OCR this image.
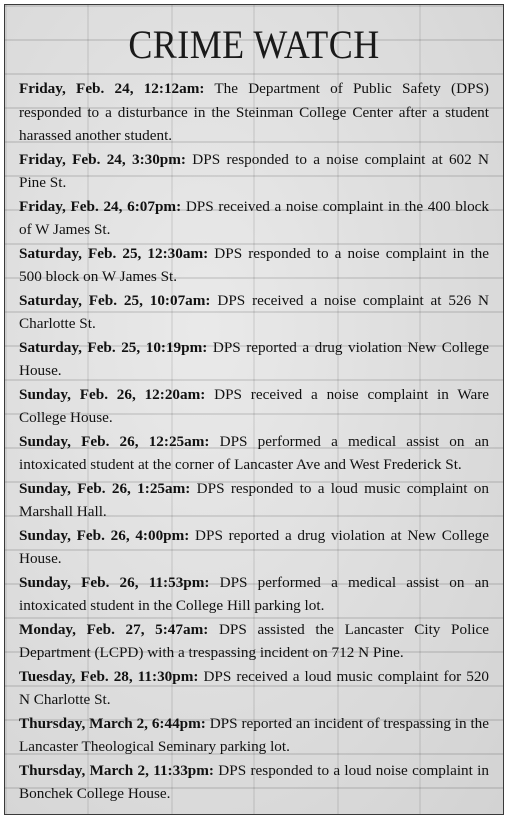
CRIME WATCH
Friday, Feb. 24, 12:12am: The Department of Public Safety (DPS) responded to a disturbance in the Steinman College Center after a student harassed another student.
Friday, Feb. 24, 3:30pm: DPS responded to a noise complaint at 602 N Pine St.
Friday, Feb. 24, 6:07pm: DPS received a noise complaint in the 400 block of W James St.
Saturday, Feb. 25, 12:30am: DPS responded to a noise complaint in the 500 block on W James St.
Saturday, Feb. 25, 10:07am: DPS received a noise complaint at 526 N Charlotte St.
Saturday, Feb. 25, 10:19pm: DPS reported a drug violation New College House.
Sunday, Feb. 26, 12:20am: DPS received a noise complaint in Ware College House.
Sunday, Feb. 26, 12:25am: DPS performed a medical assist on an intoxicated student at the corner of Lancaster Ave and West Frederick St.
Sunday, Feb. 26, 1:25am: DPS responded to a loud music complaint on Marshall Hall.
Sunday, Feb. 26, 4:00pm: DPS reported a drug violation at New College House.
Sunday, Feb. 26, 11:53pm: DPS performed a medical assist on an intoxicated student in the College Hill parking lot.
Monday, Feb. 27, 5:47am: DPS assisted the Lancaster City Police Department (LCPD) with a trespassing incident on 712 N Pine.
Tuesday, Feb. 28, 11:30pm: DPS received a loud music complaint for 520 N Charlotte St.
Thursday, March 2, 6:44pm: DPS reported an incident of trespassing in the Lancaster Theological Seminary parking lot.
Thursday, March 2, 11:33pm: DPS responded to a loud noise complaint in Bonchek College House.
